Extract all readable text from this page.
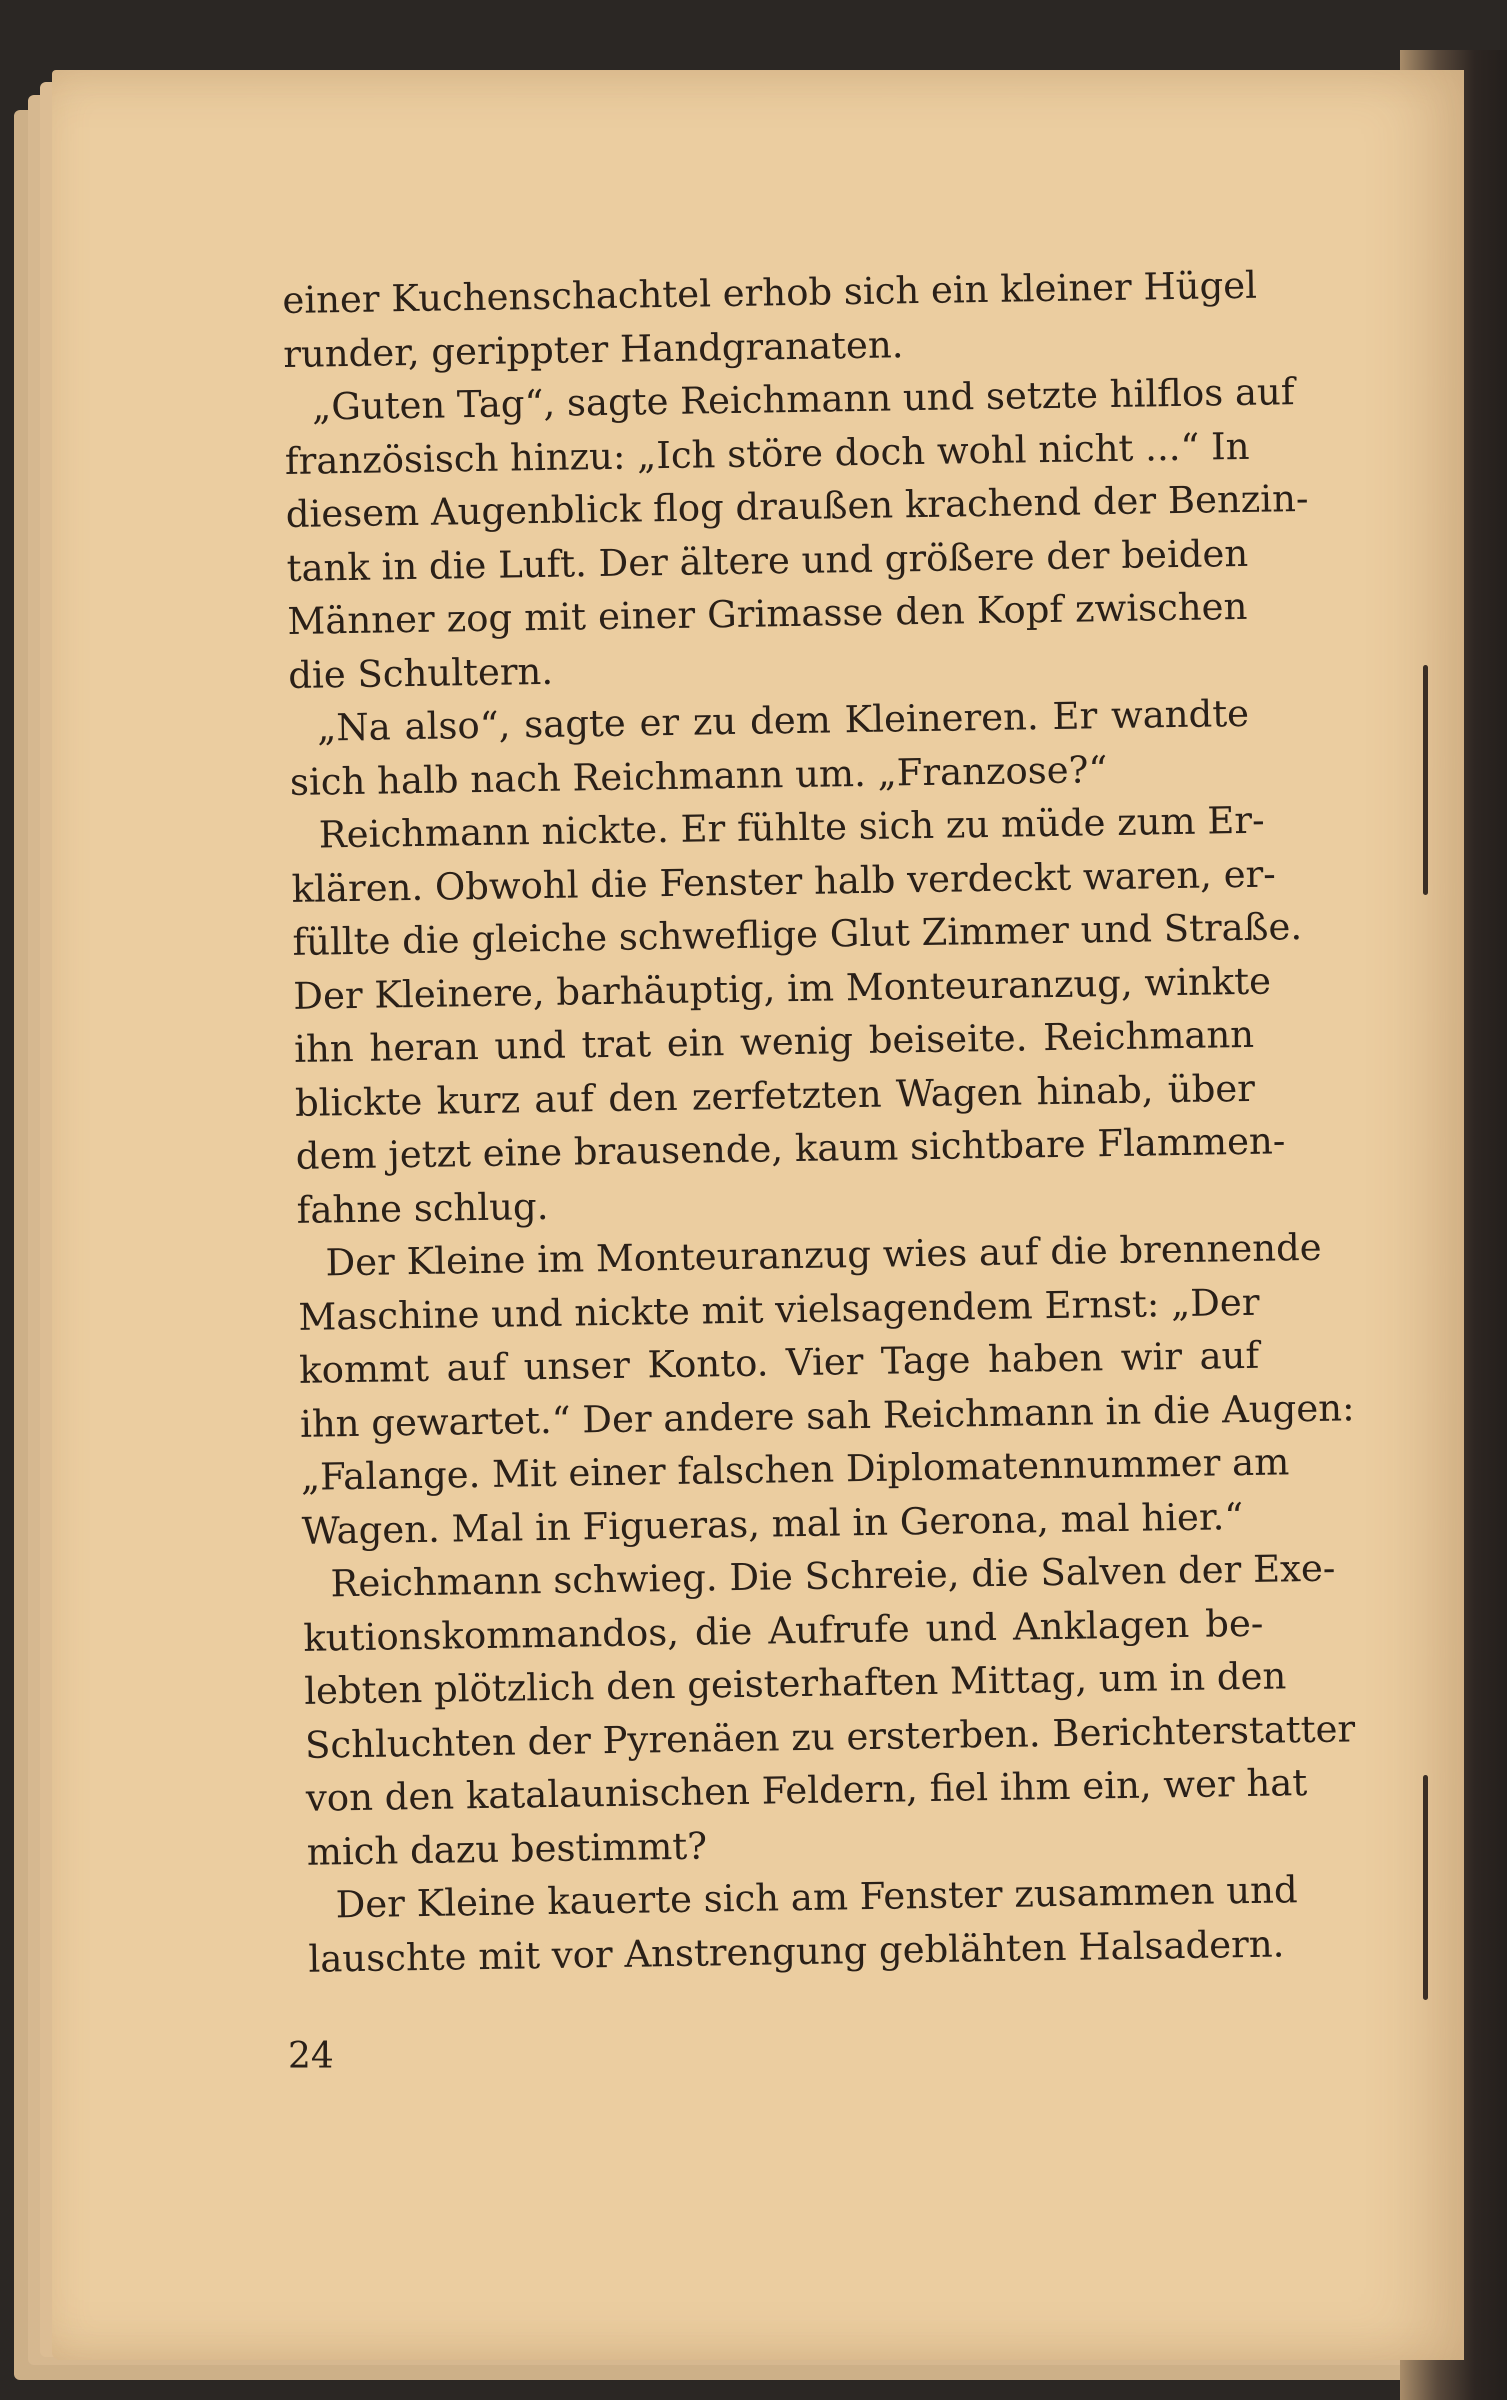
einer Kuchenschachtel erhob sich ein kleiner Hügel
runder, gerippter Handgranaten.
„Guten Tag“, sagte Reichmann und setzte hilflos auf
französisch hinzu: „Ich störe doch wohl nicht ...“ In
diesem Augenblick flog draußen krachend der Benzin-
tank in die Luft. Der ältere und größere der beiden
Männer zog mit einer Grimasse den Kopf zwischen
die Schultern.
„Na also“, sagte er zu dem Kleineren. Er wandte
sich halb nach Reichmann um. „Franzose?“
Reichmann nickte. Er fühlte sich zu müde zum Er-
klären. Obwohl die Fenster halb verdeckt waren, er-
füllte die gleiche schweflige Glut Zimmer und Straße.
Der Kleinere, barhäuptig, im Monteuranzug, winkte
ihn heran und trat ein wenig beiseite. Reichmann
blickte kurz auf den zerfetzten Wagen hinab, über
dem jetzt eine brausende, kaum sichtbare Flammen-
fahne schlug.
Der Kleine im Monteuranzug wies auf die brennende
Maschine und nickte mit vielsagendem Ernst: „Der
kommt auf unser Konto. Vier Tage haben wir auf
ihn gewartet.“ Der andere sah Reichmann in die Augen:
„Falange. Mit einer falschen Diplomatennummer am
Wagen. Mal in Figueras, mal in Gerona, mal hier.“
Reichmann schwieg. Die Schreie, die Salven der Exe-
kutionskommandos, die Aufrufe und Anklagen be-
lebten plötzlich den geisterhaften Mittag, um in den
Schluchten der Pyrenäen zu ersterben. Berichterstatter
von den katalaunischen Feldern, fiel ihm ein, wer hat
mich dazu bestimmt?
Der Kleine kauerte sich am Fenster zusammen und
lauschte mit vor Anstrengung geblähten Halsadern.
24
